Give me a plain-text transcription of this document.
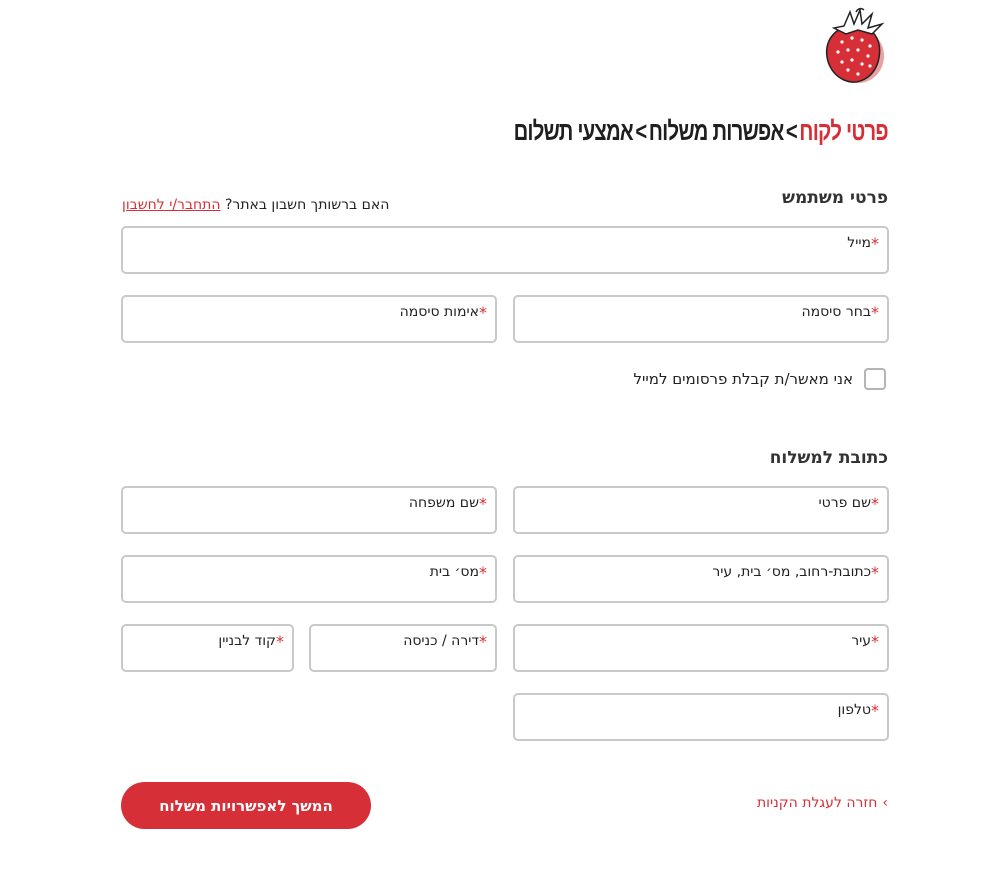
פרטי לקוח>אפשרות משלוח>אמצעי תשלום
פרטי משתמש
האם ברשותך חשבון באתר? התחבר/י לחשבון
*מייל
*בחר סיסמה
*אימות סיסמה
אני מאשר/ת קבלת פרסומים למייל
כתובת למשלוח
*שם פרטי
*שם משפחה
*כתובת-רחוב, מס׳ בית, עיר
*מס׳ בית
*עיר
*דירה / כניסה
*קוד לבניין
*טלפון
המשך לאפשרויות משלוח	›חזרה לעגלת הקניות
